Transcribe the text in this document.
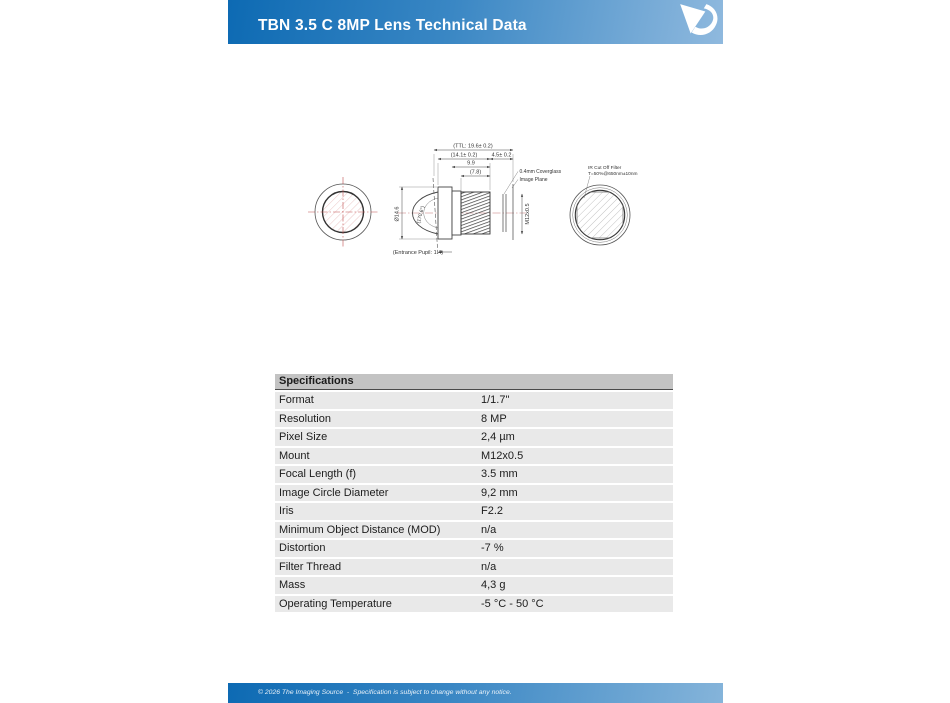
TBN 3.5 C 8MP Lens Technical Data
(TTL: 19.6± 0.2)
(14.1± 0.2)	4.5± 0.2
9.9
(7.8)
Ø14.6	(170.6°)
(Entrance Pupil: 1.4)
M12x0.5
0.4mm Coverglass
Image Plane
IR Cut Off Filter
T=50%@650nm±10nm
Specifications
Format	1/1.7"
Resolution	8 MP
Pixel Size	2,4 µm
Mount	M12x0.5
Focal Length (f)	3.5 mm
Image Circle Diameter	9,2 mm
Iris	F2.2
Minimum Object Distance (MOD)	n/a
Distortion	-7 %
Filter Thread	n/a
Mass	4,3 g
Operating Temperature	-5 °C - 50 °C
© 2026 The Imaging Source  -  Specification is subject to change without any notice.
